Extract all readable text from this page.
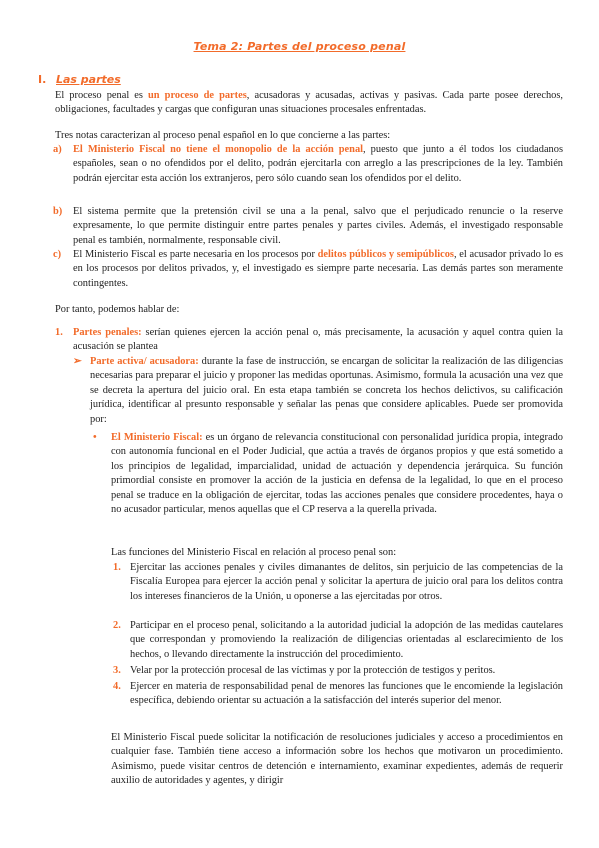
Tema 2: Partes del proceso penal
I. Las partes

El proceso penal es un proceso de partes, acusadoras y acusadas, activas y pasivas. Cada parte posee derechos, obligaciones, facultades y cargas que configuran unas situaciones procesales enfrentadas.

Tres notas caracterizan al proceso penal español en lo que concierne a las partes:

a) El Ministerio Fiscal no tiene el monopolio de la acción penal, puesto que junto a él todos los ciudadanos españoles, sean o no ofendidos por el delito, podrán ejercitarla con arreglo a las prescripciones de la ley. También podrán ejercitar esta acción los extranjeros, pero sólo cuando sean los ofendidos por el delito.

b) El sistema permite que la pretensión civil se una a la penal, salvo que el perjudicado renuncie o la reserve expresamente, lo que permite distinguir entre partes penales y partes civiles. Además, el investigado responsable penal es también, normalmente, responsable civil.

c) El Ministerio Fiscal es parte necesaria en los procesos por delitos públicos y semipúblicos, el acusador privado lo es en los procesos por delitos privados, y, el investigado es siempre parte necesaria. Las demás partes son meramente contingentes.

Por tanto, podemos hablar de:

1. Partes penales: serían quienes ejercen la acción penal o, más precisamente, la acusación y aquel contra quien la acusación se plantea

➢ Parte activa/ acusadora: durante la fase de instrucción, se encargan de solicitar la realización de las diligencias necesarias para preparar el juicio y proponer las medidas oportunas. Asimismo, formula la acusación una vez que se decreta la apertura del juicio oral. En esta etapa también se concreta los hechos delictivos, su calificación jurídica, identificar al presunto responsable y señalar las penas que considere aplicables. Puede ser promovida por:

• El Ministerio Fiscal: es un órgano de relevancia constitucional con personalidad jurídica propia, integrado con autonomía funcional en el Poder Judicial, que actúa a través de órganos propios y que está sometido a los principios de legalidad, imparcialidad, unidad de actuación y dependencia jerárquica. Su función primordial consiste en promover la acción de la justicia en defensa de la legalidad, lo que en el proceso penal se traduce en la obligación de ejercitar, todas las acciones penales que considere procedentes, haya o no acusador particular, menos aquellas que el CP reserva a la querella privada.

Las funciones del Ministerio Fiscal en relación al proceso penal son:

1. Ejercitar las acciones penales y civiles dimanantes de delitos, sin perjuicio de las competencias de la Fiscalía Europea para ejercer la acción penal y solicitar la apertura de juicio oral para los delitos contra los intereses financieros de la Unión, u oponerse a las ejercitadas por otros.

2. Participar en el proceso penal, solicitando a la autoridad judicial la adopción de las medidas cautelares que correspondan y promoviendo la realización de diligencias orientadas al esclarecimiento de los hechos, o llevando directamente la instrucción del procedimiento.

3. Velar por la protección procesal de las víctimas y por la protección de testigos y peritos.

4. Ejercer en materia de responsabilidad penal de menores las funciones que le encomiende la legislación específica, debiendo orientar su actuación a la satisfacción del interés superior del menor.

El Ministerio Fiscal puede solicitar la notificación de resoluciones judiciales y acceso a procedimientos en cualquier fase. También tiene acceso a información sobre los hechos que motivaron un procedimiento. Asimismo, puede visitar centros de detención e internamiento, examinar expedientes, además de requerir auxilio de autoridades y agentes, y dirigir
